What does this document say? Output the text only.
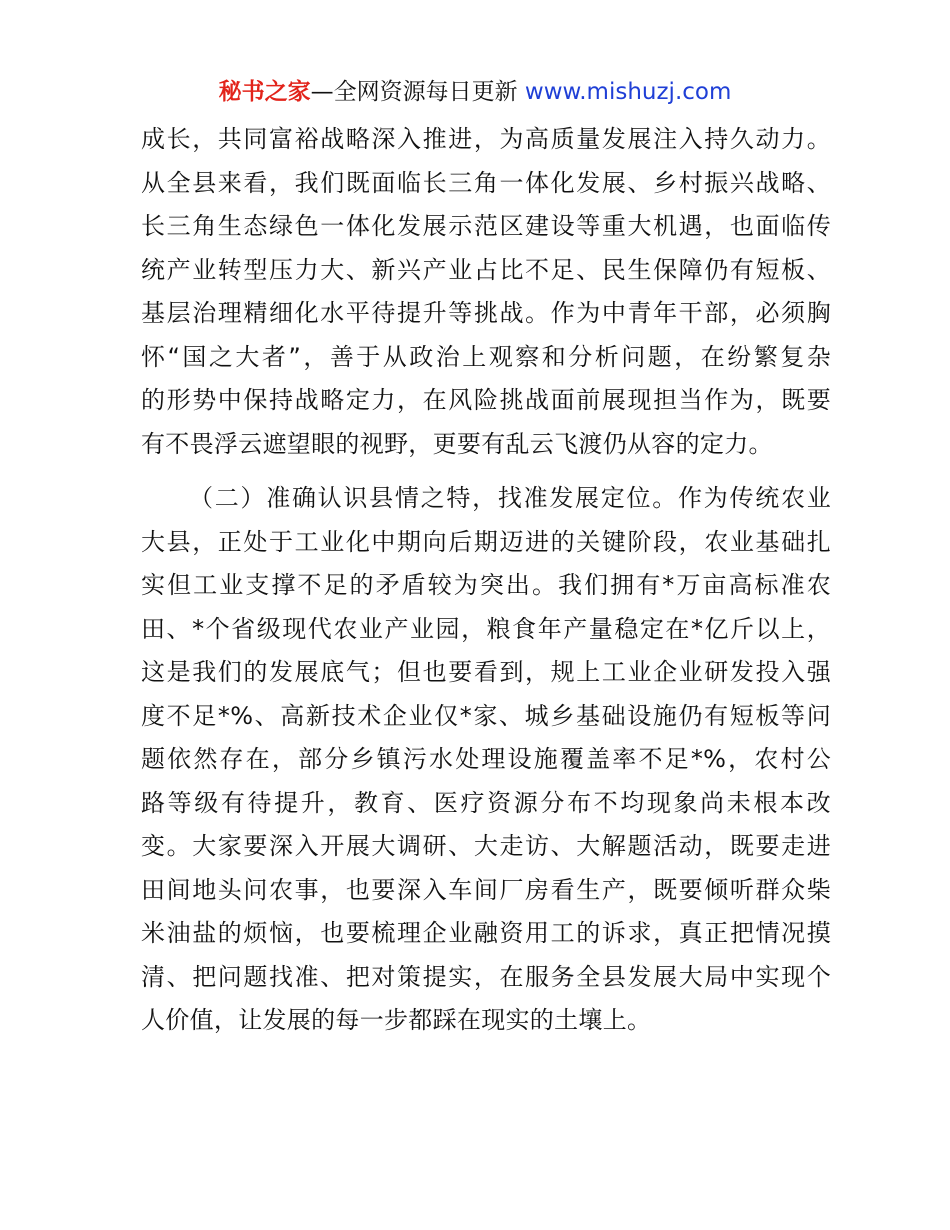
秘书之家—全网资源每日更新 www.mishuzj.com
成长，共同富裕战略深入推进，为高质量发展注入持久动力。
从全县来看，我们既面临长三角一体化发展、乡村振兴战略、
长三角生态绿色一体化发展示范区建设等重大机遇，也面临传
统产业转型压力大、新兴产业占比不足、民生保障仍有短板、
基层治理精细化水平待提升等挑战。作为中青年干部，必须胸
怀“国之大者”，善于从政治上观察和分析问题，在纷繁复杂
的形势中保持战略定力，在风险挑战面前展现担当作为，既要
有不畏浮云遮望眼的视野，更要有乱云飞渡仍从容的定力。
（二）准确认识县情之特，找准发展定位。作为传统农业
大县，正处于工业化中期向后期迈进的关键阶段，农业基础扎
实但工业支撑不足的矛盾较为突出。我们拥有*万亩高标准农
田、*个省级现代农业产业园，粮食年产量稳定在*亿斤以上，
这是我们的发展底气；但也要看到，规上工业企业研发投入强
度不足*%、高新技术企业仅*家、城乡基础设施仍有短板等问
题依然存在，部分乡镇污水处理设施覆盖率不足*%，农村公
路等级有待提升，教育、医疗资源分布不均现象尚未根本改
变。大家要深入开展大调研、大走访、大解题活动，既要走进
田间地头问农事，也要深入车间厂房看生产，既要倾听群众柴
米油盐的烦恼，也要梳理企业融资用工的诉求，真正把情况摸
清、把问题找准、把对策提实，在服务全县发展大局中实现个
人价值，让发展的每一步都踩在现实的土壤上。
